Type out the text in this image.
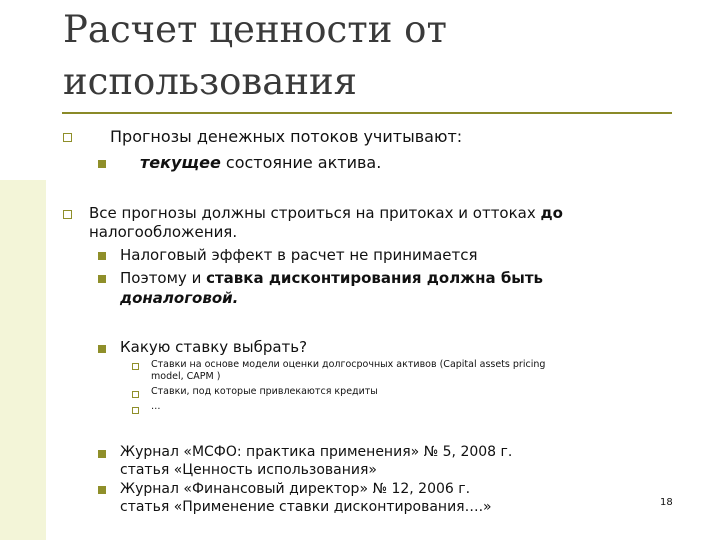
Расчет ценности от
использования
Прогнозы денежных потоков учитывают:
текущее состояние актива.
Все прогнозы должны строиться на притоках и оттоках до
налогообложения.
Налоговый эффект в расчет не принимается
Поэтому и ставка дисконтирования должна быть
доналоговой.
Какую ставку выбрать?
Ставки на основе модели оценки долгосрочных активов (Capital assets pricing
model, CAPM )
Ставки, под которые привлекаются кредиты
…
Журнал «МСФО: практика применения» № 5, 2008 г.
статья «Ценность использования»
Журнал «Финансовый директор» № 12, 2006 г.
статья «Применение ставки дисконтирования….»	18
